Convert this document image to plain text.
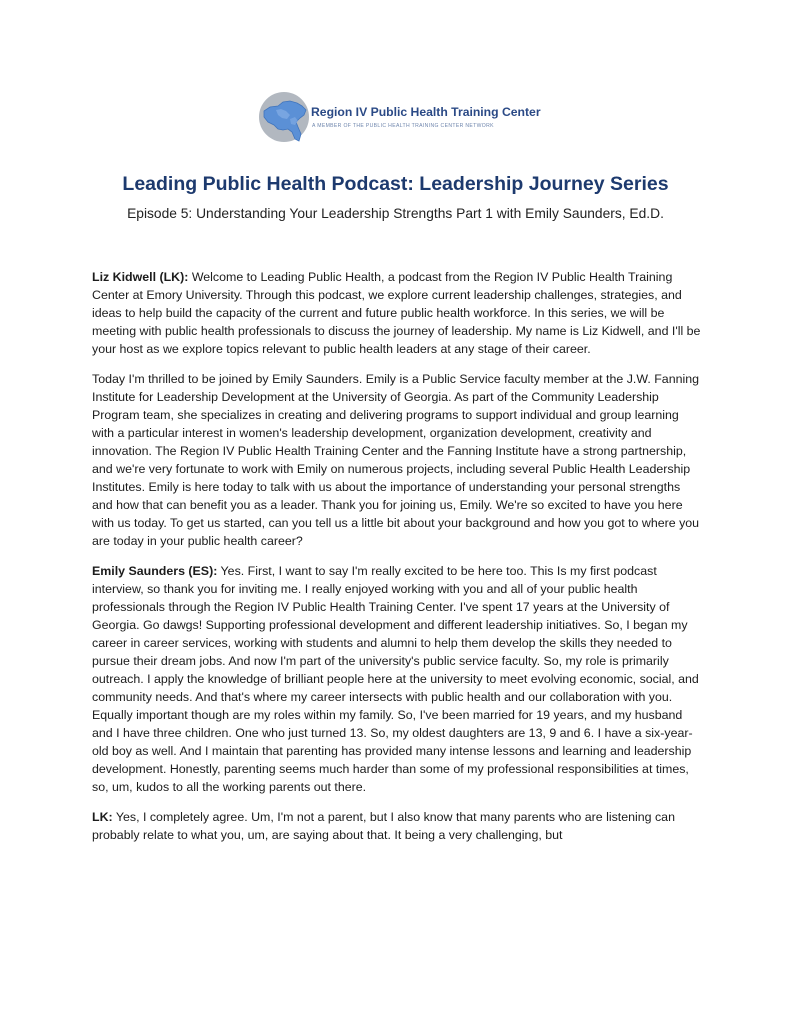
Region IV Public Health Training Center
A MEMBER OF THE PUBLIC HEALTH TRAINING CENTER NETWORK
Leading Public Health Podcast: Leadership Journey Series
Episode 5: Understanding Your Leadership Strengths Part 1 with Emily Saunders, Ed.D.

Liz Kidwell (LK): Welcome to Leading Public Health, a podcast from the Region IV Public Health Training Center at Emory University. Through this podcast, we explore current leadership challenges, strategies, and ideas to help build the capacity of the current and future public health workforce. In this series, we will be meeting with public health professionals to discuss the journey of leadership. My name is Liz Kidwell, and I'll be your host as we explore topics relevant to public health leaders at any stage of their career.

Today I'm thrilled to be joined by Emily Saunders. Emily is a Public Service faculty member at the J.W. Fanning Institute for Leadership Development at the University of Georgia. As part of the Community Leadership Program team, she specializes in creating and delivering programs to support individual and group learning with a particular interest in women's leadership development, organization development, creativity and innovation. The Region IV Public Health Training Center and the Fanning Institute have a strong partnership, and we're very fortunate to work with Emily on numerous projects, including several Public Health Leadership Institutes. Emily is here today to talk with us about the importance of understanding your personal strengths and how that can benefit you as a leader. Thank you for joining us, Emily. We're so excited to have you here with us today. To get us started, can you tell us a little bit about your background and how you got to where you are today in your public health career?

Emily Saunders (ES): Yes. First, I want to say I'm really excited to be here too. This Is my first podcast interview, so thank you for inviting me. I really enjoyed working with you and all of your public health professionals through the Region IV Public Health Training Center. I've spent 17 years at the University of Georgia. Go dawgs! Supporting professional development and different leadership initiatives. So, I began my career in career services, working with students and alumni to help them develop the skills they needed to pursue their dream jobs. And now I'm part of the university's public service faculty. So, my role is primarily outreach. I apply the knowledge of brilliant people here at the university to meet evolving economic, social, and community needs. And that's where my career intersects with public health and our collaboration with you. Equally important though are my roles within my family. So, I've been married for 19 years, and my husband and I have three children. One who just turned 13. So, my oldest daughters are 13, 9 and 6. I have a six-year-old boy as well. And I maintain that parenting has provided many intense lessons and learning and leadership development. Honestly, parenting seems much harder than some of my professional responsibilities at times, so, um, kudos to all the working parents out there.

LK: Yes, I completely agree. Um, I'm not a parent, but I also know that many parents who are listening can probably relate to what you, um, are saying about that. It being a very challenging, but
